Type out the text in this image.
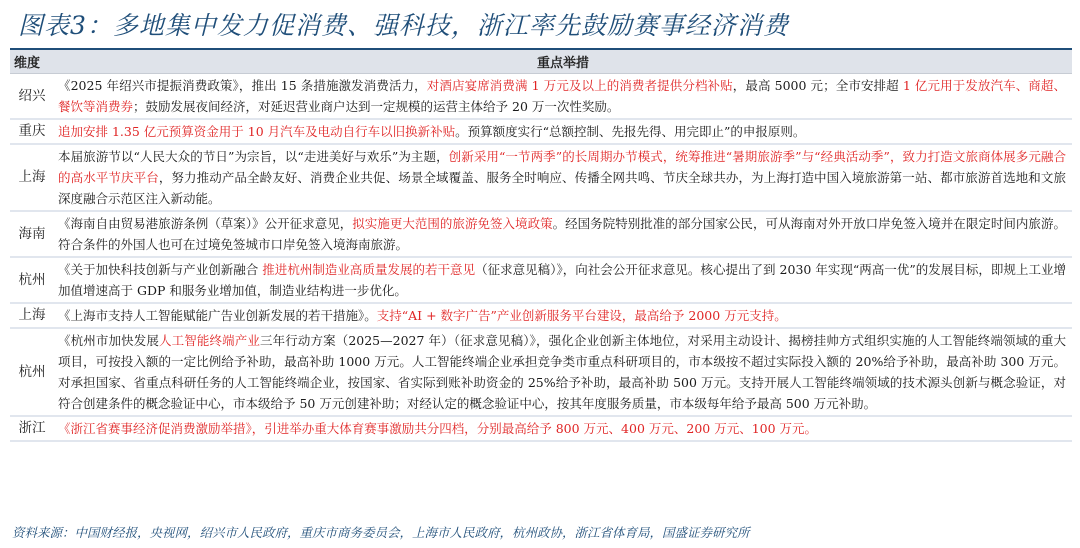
图表3：多地集中发力促消费、强科技，浙江率先鼓励赛事经济消费
维度	重点举措
绍兴	《2025 年绍兴市提振消费政策》，推出 15 条措施激发消费活力，对酒店宴席消费满 1 万元及以上的消费者提供分档补贴，最高 5000 元；全市安排超 1 亿元用于发放汽车、商超、餐饮等消费券；鼓励发展夜间经济，对延迟营业商户达到一定规模的运营主体给予 20 万一次性奖励。
重庆	追加安排 1.35 亿元预算资金用于 10 月汽车及电动自行车以旧换新补贴。预算额度实行“总额控制、先报先得、用完即止”的申报原则。
上海	本届旅游节以“人民大众的节日”为宗旨，以“走进美好与欢乐”为主题，创新采用“一节两季”的长周期办节模式，统筹推进“暑期旅游季”与“经典活动季”，致力打造文旅商体展多元融合的高水平节庆平台，努力推动产品全龄友好、消费企业共促、场景全域覆盖、服务全时响应、传播全网共鸣、节庆全球共办，为上海打造中国入境旅游第一站、都市旅游首选地和文旅深度融合示范区注入新动能。
海南	《海南自由贸易港旅游条例（草案）》公开征求意见，拟实施更大范围的旅游免签入境政策。经国务院特别批准的部分国家公民，可从海南对外开放口岸免签入境并在限定时间内旅游。符合条件的外国人也可在过境免签城市口岸免签入境海南旅游。
杭州	《关于加快科技创新与产业创新融合 推进杭州制造业高质量发展的若干意见（征求意见稿）》，向社会公开征求意见。核心提出了到 2030 年实现“两高一优”的发展目标，即规上工业增加值增速高于 GDP 和服务业增加值，制造业结构进一步优化。
上海	《上海市支持人工智能赋能广告业创新发展的若干措施》。支持“AI + 数字广告”产业创新服务平台建设，最高给予 2000 万元支持。
杭州	《杭州市加快发展人工智能终端产业三年行动方案（2025—2027 年）（征求意见稿）》，强化企业创新主体地位，对采用主动设计、揭榜挂帅方式组织实施的人工智能终端领域的重大项目，可按投入额的一定比例给予补助，最高补助 1000 万元。人工智能终端企业承担竞争类市重点科研项目的，市本级按不超过实际投入额的 20%给予补助，最高补助 300 万元。对承担国家、省重点科研任务的人工智能终端企业，按国家、省实际到账补助资金的 25%给予补助，最高补助 500 万元。支持开展人工智能终端领域的技术源头创新与概念验证，对符合创建条件的概念验证中心，市本级给予 50 万元创建补助；对经认定的概念验证中心，按其年度服务质量，市本级每年给予最高 500 万元补助。
浙江	《浙江省赛事经济促消费激励举措》，引进举办重大体育赛事激励共分四档，分别最高给予 800 万元、400 万元、200 万元、100 万元。
资料来源：中国财经报，央视网，绍兴市人民政府，重庆市商务委员会，上海市人民政府，杭州政协，浙江省体育局，国盛证券研究所
